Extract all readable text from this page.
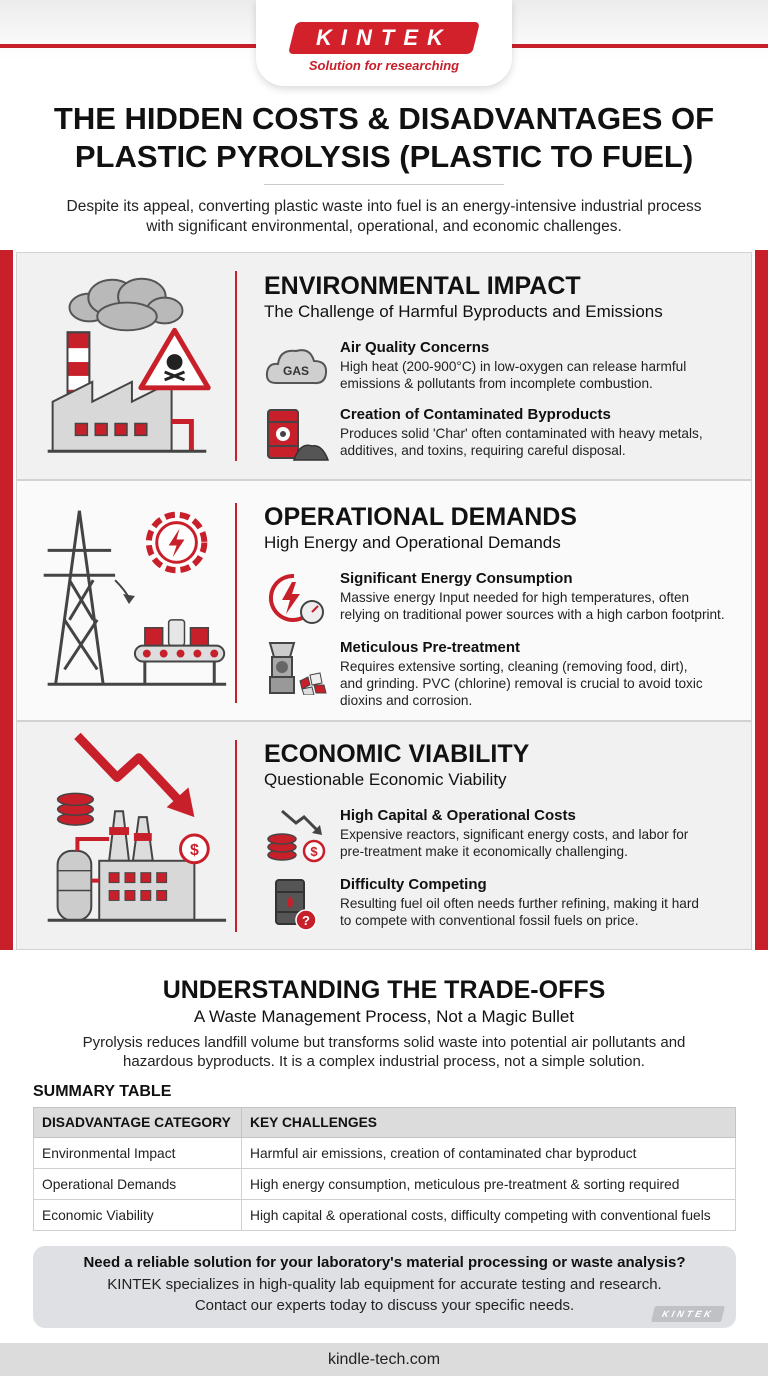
KINTEK
Solution for researching
THE HIDDEN COSTS & DISADVANTAGES OF
PLASTIC PYROLYSIS (PLASTIC TO FUEL)
Despite its appeal, converting plastic waste into fuel is an energy-intensive industrial process
with significant environmental, operational, and economic challenges.
ENVIRONMENTAL IMPACT
The Challenge of Harmful Byproducts and Emissions
GAS
Air Quality Concerns
High heat (200-900°C) in low-oxygen can release harmful
emissions & pollutants from incomplete combustion.
Creation of Contaminated Byproducts
Produces solid 'Char' often contaminated with heavy metals,
additives, and toxins, requiring careful disposal.
OPERATIONAL DEMANDS
High Energy and Operational Demands
Significant Energy Consumption
Massive energy Input needed for high temperatures, often
relying on traditional power sources with a high carbon footprint.
Meticulous Pre-treatment
Requires extensive sorting, cleaning (removing food, dirt),
and grinding. PVC (chlorine) removal is crucial to avoid toxic
dioxins and corrosion.
$
ECONOMIC VIABILITY
Questionable Economic Viability
$
High Capital & Operational Costs
Expensive reactors, significant energy costs, and labor for
pre-treatment make it economically challenging.
?
Difficulty Competing
Resulting fuel oil often needs further refining, making it hard
to compete with conventional fossil fuels on price.
UNDERSTANDING THE TRADE-OFFS
A Waste Management Process, Not a Magic Bullet
Pyrolysis reduces landfill volume but transforms solid waste into potential air pollutants and
hazardous byproducts. It is a complex industrial process, not a simple solution.
SUMMARY TABLE
DISADVANTAGE CATEGORY	KEY CHALLENGES
Environmental Impact	Harmful air emissions, creation of contaminated char byproduct
Operational Demands	High energy consumption, meticulous pre-treatment & sorting required
Economic Viability	High capital & operational costs, difficulty competing with conventional fuels
Need a reliable solution for your laboratory's material processing or waste analysis?
KINTEK specializes in high-quality lab equipment for accurate testing and research.
Contact our experts today to discuss your specific needs.	KINTEK
kindle-tech.com
